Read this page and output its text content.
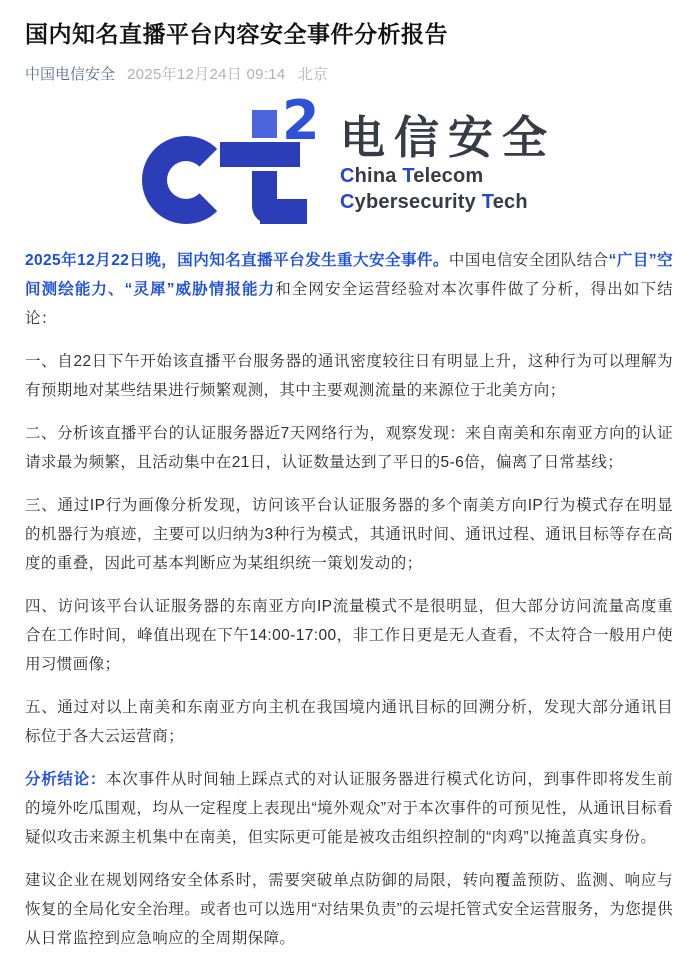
国内知名直播平台内容安全事件分析报告
中国电信安全 2025年12月24日 09:14 北京
2 电信安全
China Telecom
Cybersecurity Tech

2025年12月22日晚，国内知名直播平台发生重大安全事件。中国电信安全团队结合“广目”空间测绘能力、“灵犀”威胁情报能力和全网安全运营经验对本次事件做了分析，得出如下结论：

一、自22日下午开始该直播平台服务器的通讯密度较往日有明显上升，这种行为可以理解为有预期地对某些结果进行频繁观测，其中主要观测流量的来源位于北美方向；

二、分析该直播平台的认证服务器近7天网络行为，观察发现：来自南美和东南亚方向的认证请求最为频繁，且活动集中在21日，认证数量达到了平日的5-6倍，偏离了日常基线；

三、通过IP行为画像分析发现，访问该平台认证服务器的多个南美方向IP行为模式存在明显的机器行为痕迹，主要可以归纳为3种行为模式，其通讯时间、通讯过程、通讯目标等存在高度的重叠，因此可基本判断应为某组织统一策划发动的；

四、访问该平台认证服务器的东南亚方向IP流量模式不是很明显，但大部分访问流量高度重合在工作时间，峰值出现在下午14:00-17:00，非工作日更是无人查看，不太符合一般用户使用习惯画像；

五、通过对以上南美和东南亚方向主机在我国境内通讯目标的回溯分析，发现大部分通讯目标位于各大云运营商；

分析结论：本次事件从时间轴上踩点式的对认证服务器进行模式化访问，到事件即将发生前的境外吃瓜围观，均从一定程度上表现出“境外观众”对于本次事件的可预见性，从通讯目标看疑似攻击来源主机集中在南美，但实际更可能是被攻击组织控制的“肉鸡”以掩盖真实身份。

建议企业在规划网络安全体系时，需要突破单点防御的局限，转向覆盖预防、监测、响应与恢复的全局化安全治理。或者也可以选用“对结果负责”的云堤托管式安全运营服务，为您提供从日常监控到应急响应的全周期保障。
